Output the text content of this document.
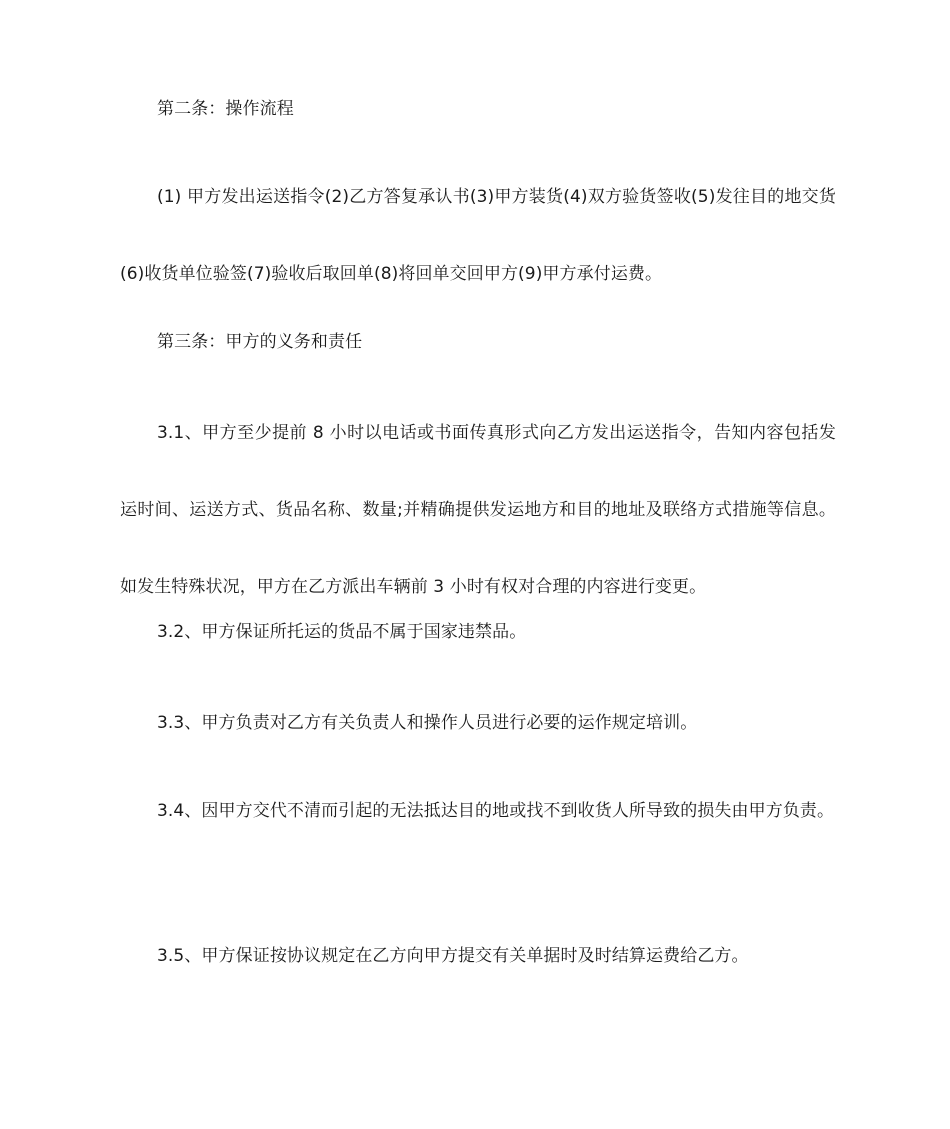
第二条：操作流程

(1) 甲方发出运送指令(2)乙方答复承认书(3)甲方装货(4)双方验货签收(5)发往目的地交货(6)收货单位验签(7)验收后取回单(8)将回单交回甲方(9)甲方承付运费。

第三条：甲方的义务和责任

3.1、甲方至少提前 8 小时以电话或书面传真形式向乙方发出运送指令，告知内容包括发运时间、运送方式、货品名称、数量;并精确提供发运地方和目的地址及联络方式措施等信息。如发生特殊状况，甲方在乙方派出车辆前 3 小时有权对合理的内容进行变更。

3.2、甲方保证所托运的货品不属于国家违禁品。

3.3、甲方负责对乙方有关负责人和操作人员进行必要的运作规定培训。

3.4、因甲方交代不清而引起的无法抵达目的地或找不到收货人所导致的损失由甲方负责。

3.5、甲方保证按协议规定在乙方向甲方提交有关单据时及时结算运费给乙方。
